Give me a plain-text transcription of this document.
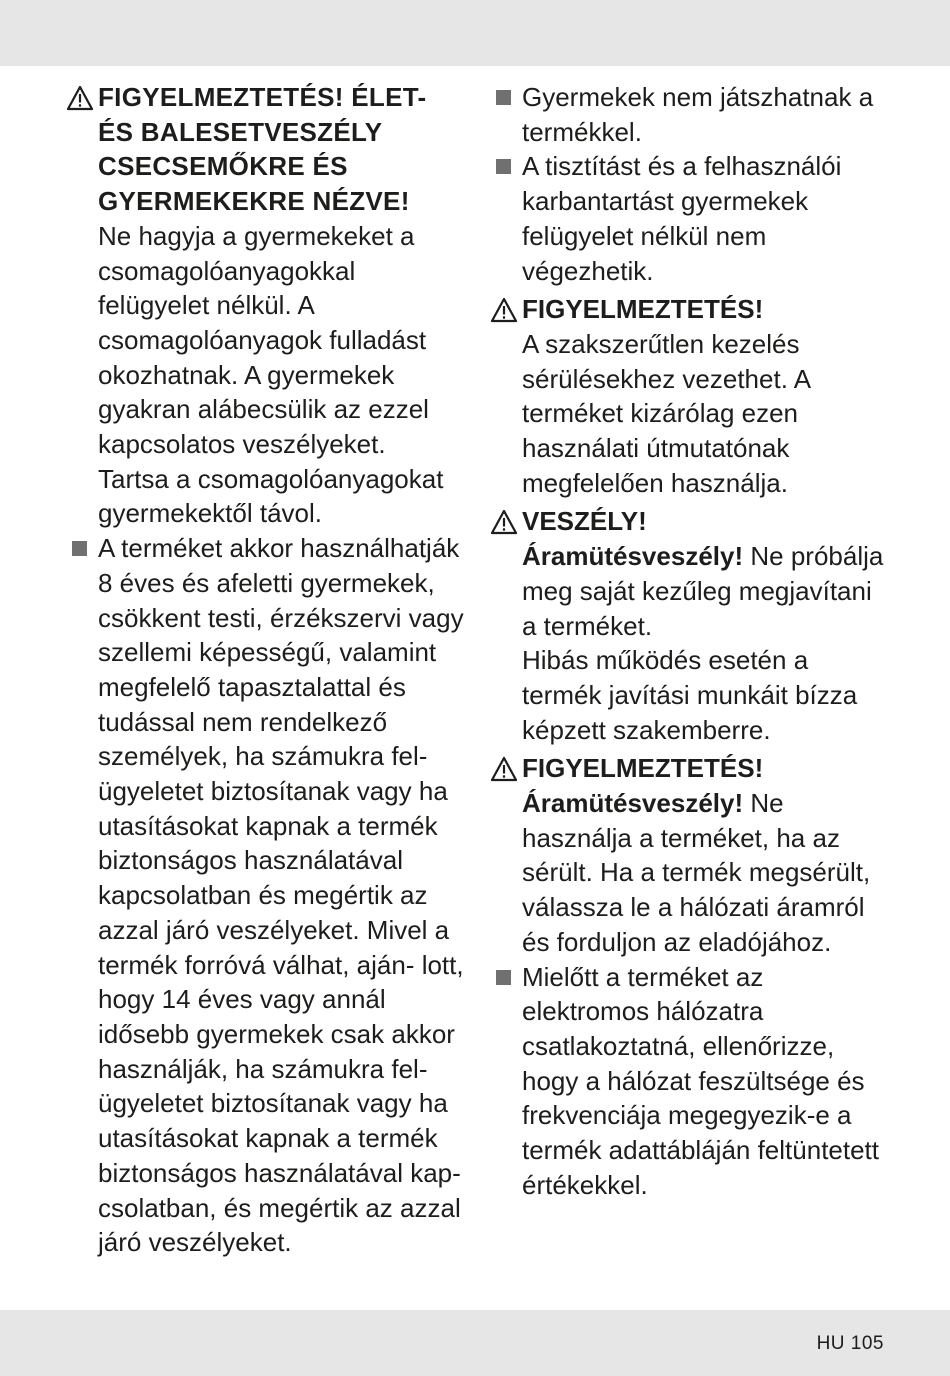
FIGYELMEZTETÉS! ÉLET- ÉS BALESETVESZÉLY CSECSEMŐKRE ÉS GYERMEKEKRE NÉZVE!
Ne hagyja a gyermekeket a csomagolóanyagokkal felügyelet nélkül. A csomagolóanyagok fulladást okozhatnak. A gyermekek gyakran alábecsülik az ezzel kapcsolatos veszélyeket.
Tartsa a csomagolóanyagokat gyermekektől távol.
A terméket akkor használhatják 8 éves és afeletti gyermekek, csökkent testi, érzékszervi vagy szellemi képességű, valamint megfelelő tapasztalattal és tudással nem rendelkező személyek, ha számukra fel- ügyeletet biztosítanak vagy ha utasításokat kapnak a termék biztonságos használatával kapcsolatban és megértik az azzal járó veszélyeket. Mivel a termék forróvá válhat, aján- lott, hogy 14 éves vagy annál idősebb gyermekek csak akkor használják, ha számukra fel- ügyeletet biztosítanak vagy ha utasításokat kapnak a termék biztonságos használatával kap- csolatban, és megértik az azzal járó veszélyeket.
Gyermekek nem játszhatnak a termékkel.
A tisztítást és a felhasználói karbantartást gyermekek felügyelet nélkül nem végezhetik.
FIGYELMEZTETÉS!
A szakszerűtlen kezelés sérülésekhez vezethet. A terméket kizárólag ezen használati útmutatónak megfelelően használja.
VESZÉLY!
Áramütésveszély! Ne próbálja meg saját kezűleg megjavítani a terméket.
Hibás működés esetén a termék javítási munkáit bízza képzett szakemberre.
FIGYELMEZTETÉS!
Áramütésveszély! Ne használja a terméket, ha az sérült. Ha a termék megsérült, válassza le a hálózati áramról és forduljon az eladójához.
Mielőtt a terméket az elektromos hálózatra csatlakoztatná, ellenőrizze, hogy a hálózat feszültsége és frekvenciája megegyezik-e a termék adattábláján feltüntetett értékekkel.
HU 105
